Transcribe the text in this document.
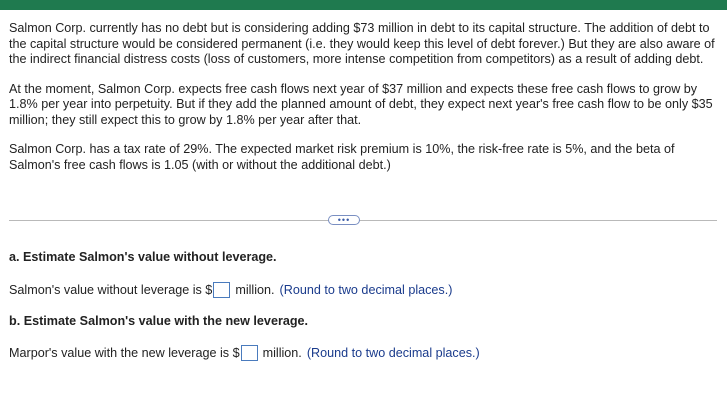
Salmon Corp. currently has no debt but is considering adding $73 million in debt to its capital structure. The addition of debt to the capital structure would be considered permanent (i.e. they would keep this level of debt forever.) But they are also aware of the indirect financial distress costs (loss of customers, more intense competition from competitors) as a result of adding debt.

At the moment, Salmon Corp. expects free cash flows next year of $37 million and expects these free cash flows to grow by 1.8% per year into perpetuity. But if they add the planned amount of debt, they expect next year's free cash flow to be only $35 million; they still expect this to grow by 1.8% per year after that.

Salmon Corp. has a tax rate of 29%. The expected market risk premium is 10%, the risk-free rate is 5%, and the beta of Salmon's free cash flows is 1.05 (with or without the additional debt.)

•••
a. Estimate Salmon's value without leverage.
Salmon's value without leverage is $ million. (Round to two decimal places.)
b. Estimate Salmon's value with the new leverage.
Marpor's value with the new leverage is $ million. (Round to two decimal places.)
